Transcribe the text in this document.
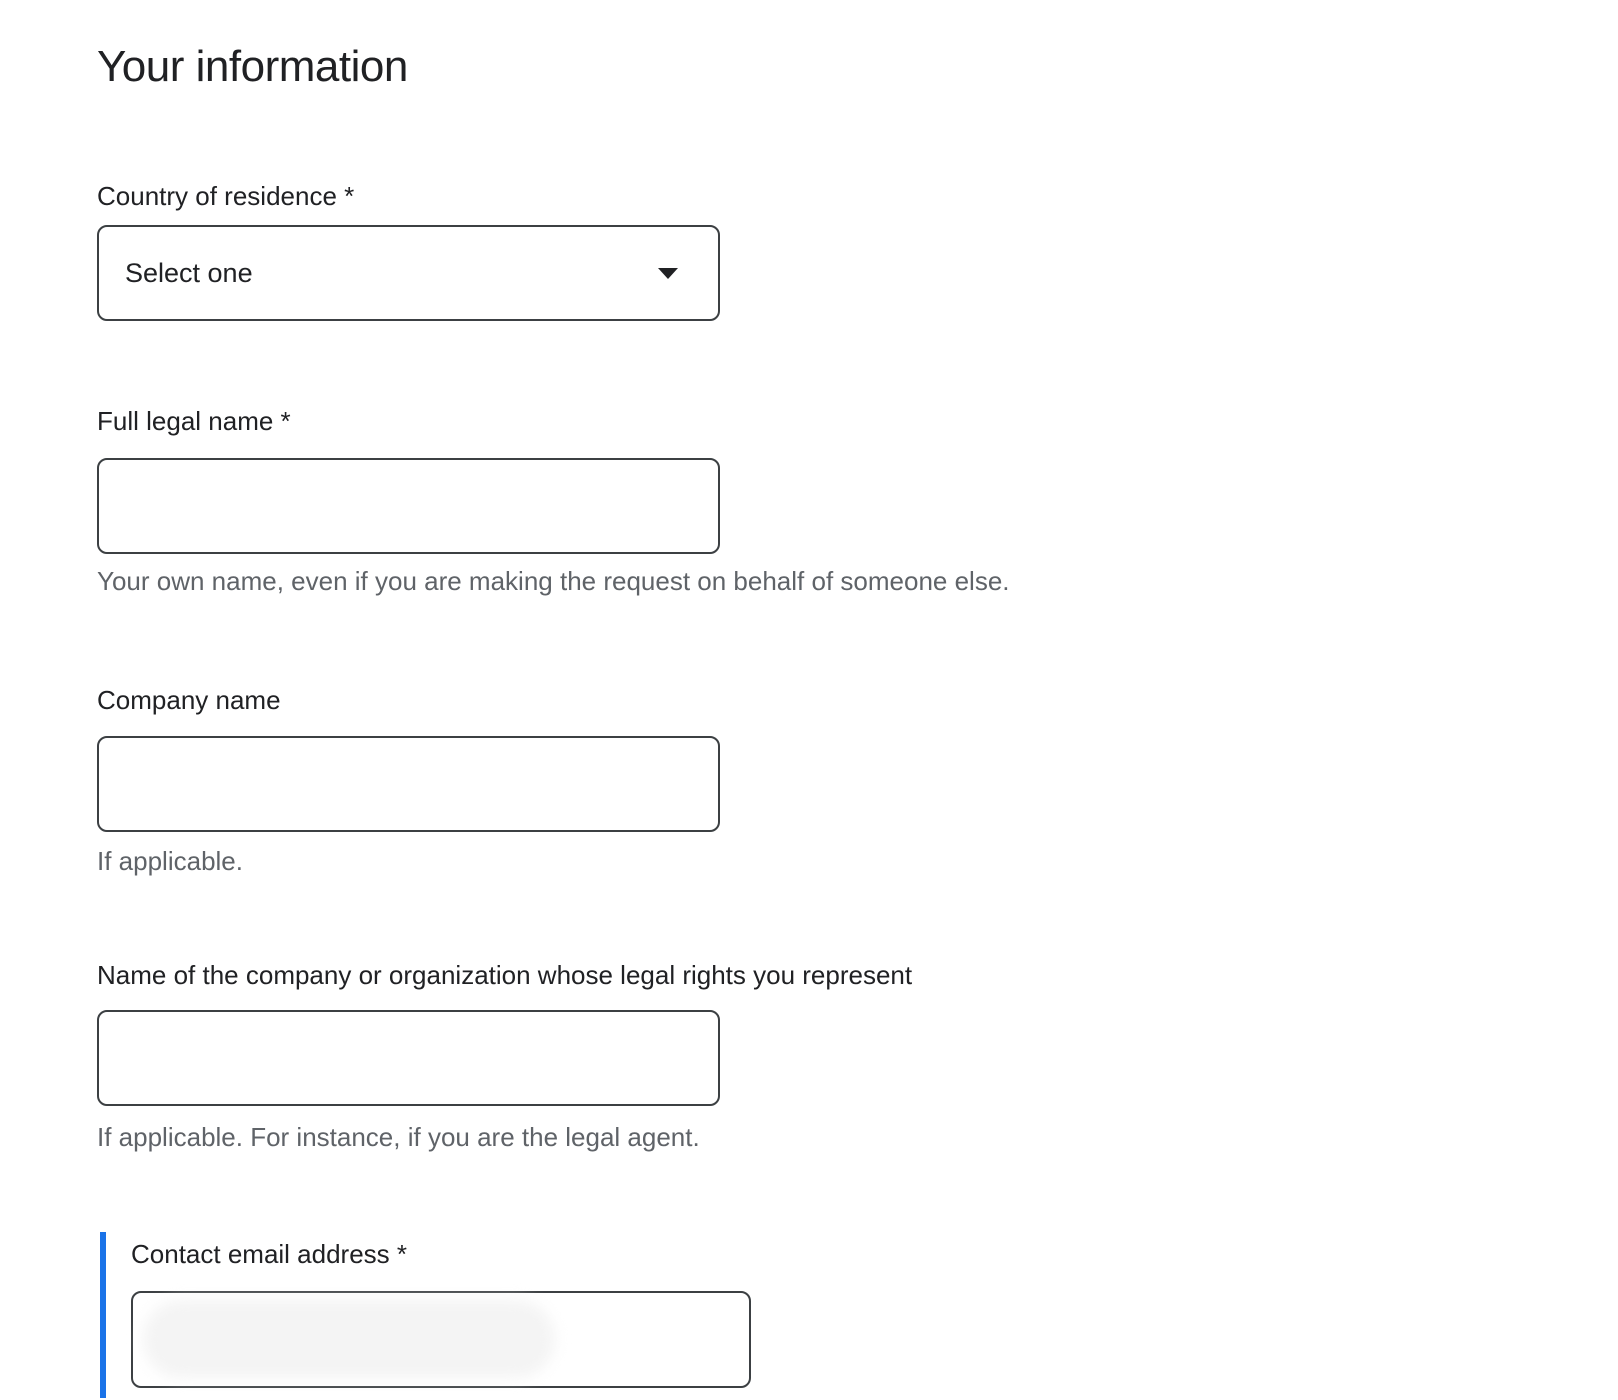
Your information
Country of residence *
Select one
Full legal name *
Your own name, even if you are making the request on behalf of someone else.
Company name
If applicable.
Name of the company or organization whose legal rights you represent
If applicable. For instance, if you are the legal agent.
Contact email address *
